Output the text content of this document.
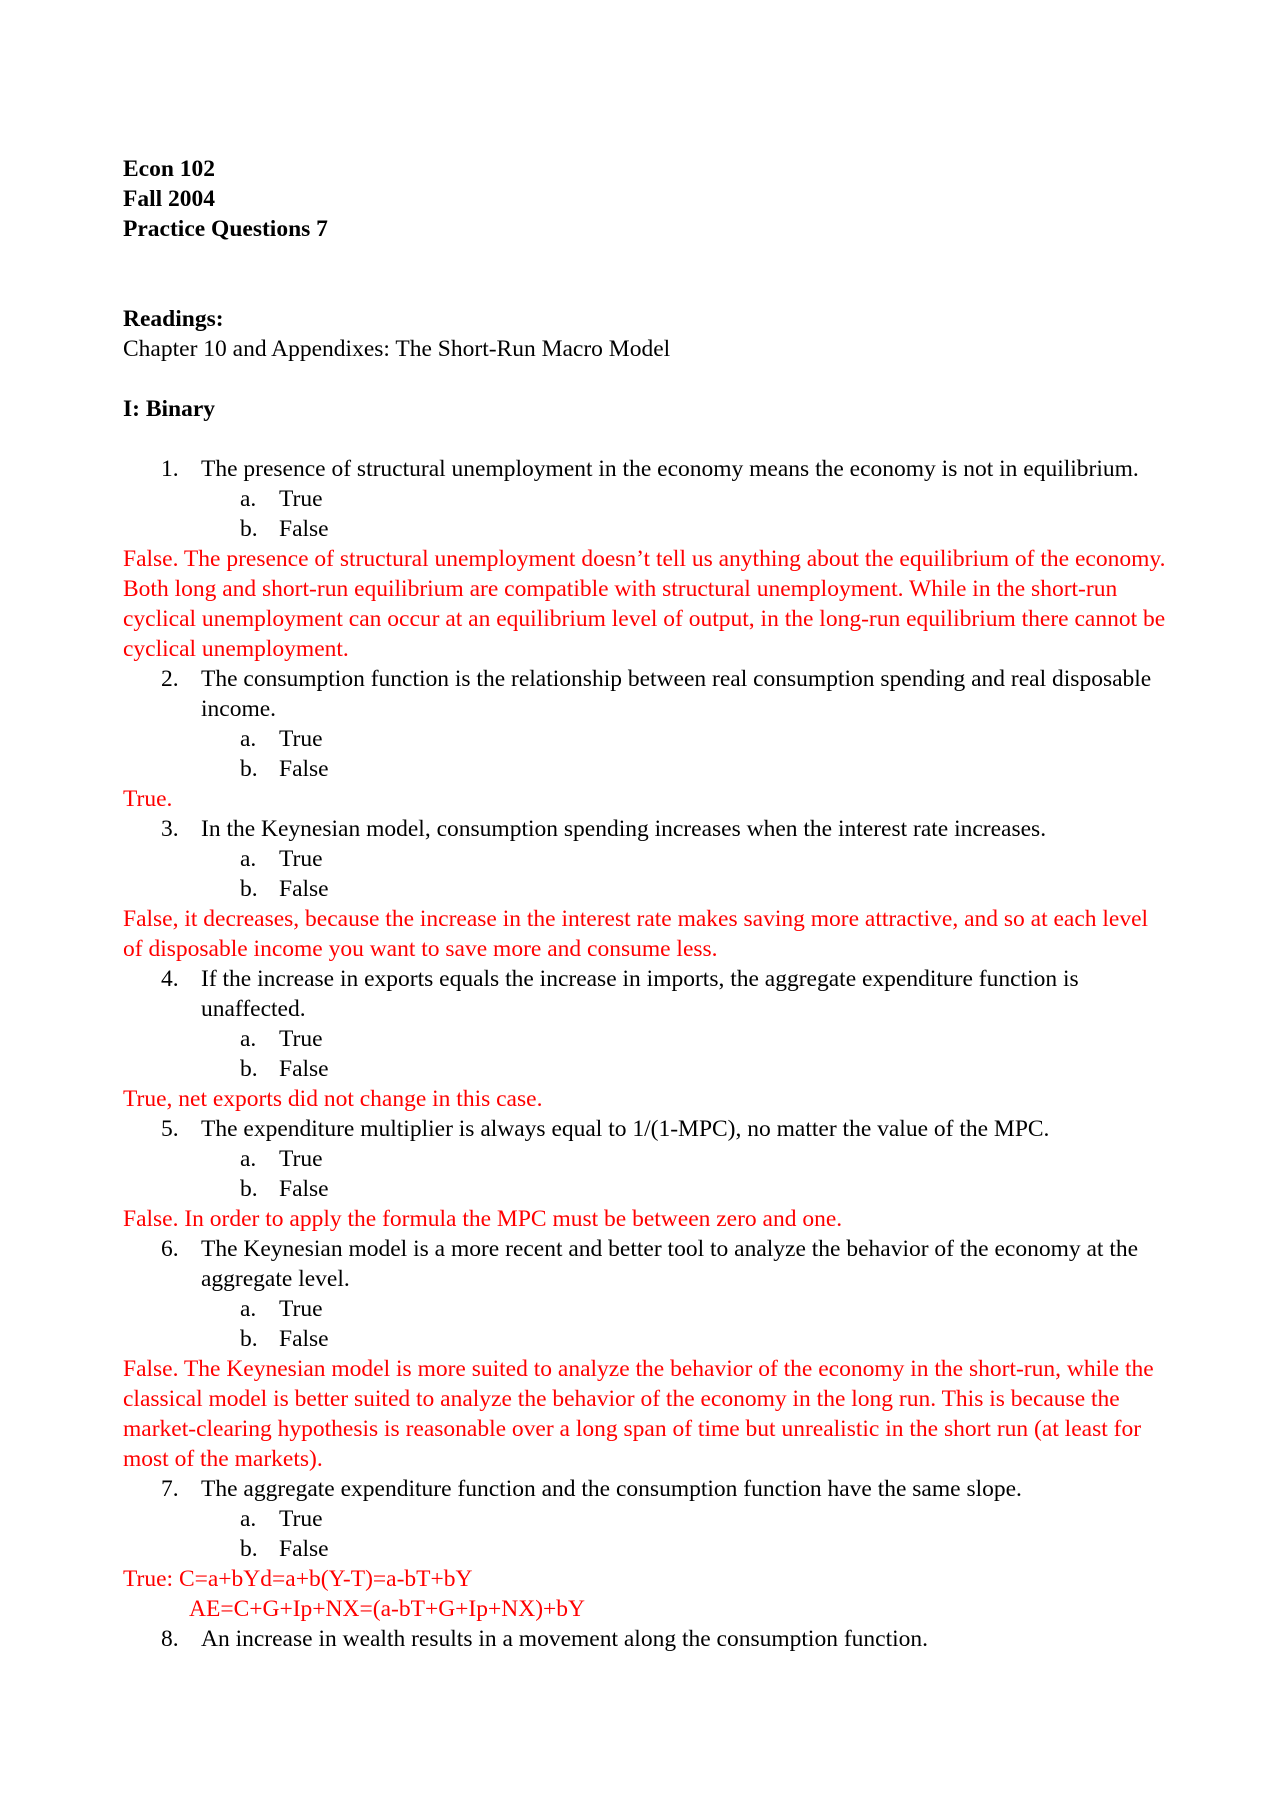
Econ 102

Fall 2004

Practice Questions 7

Readings:

Chapter 10 and Appendixes: The Short-Run Macro Model

I: Binary

1. The presence of structural unemployment in the economy means the economy is not in equilibrium.

a. True

b. False

False. The presence of structural unemployment doesn’t tell us anything about the equilibrium of the economy. Both long and short-run equilibrium are compatible with structural unemployment. While in the short-run cyclical unemployment can occur at an equilibrium level of output, in the long-run equilibrium there cannot be cyclical unemployment.

2. The consumption function is the relationship between real consumption spending and real disposable income.

a. True

b. False

True.

3. In the Keynesian model, consumption spending increases when the interest rate increases.

a. True

b. False

False, it decreases, because the increase in the interest rate makes saving more attractive, and so at each level of disposable income you want to save more and consume less.

4. If the increase in exports equals the increase in imports, the aggregate expenditure function is unaffected.

a. True

b. False

True, net exports did not change in this case.

5. The expenditure multiplier is always equal to 1/(1-MPC), no matter the value of the MPC.

a. True

b. False

False. In order to apply the formula the MPC must be between zero and one.

6. The Keynesian model is a more recent and better tool to analyze the behavior of the economy at the aggregate level.

a. True

b. False

False. The Keynesian model is more suited to analyze the behavior of the economy in the short-run, while the classical model is better suited to analyze the behavior of the economy in the long run. This is because the market-clearing hypothesis is reasonable over a long span of time but unrealistic in the short run (at least for most of the markets).

7. The aggregate expenditure function and the consumption function have the same slope.

a. True

b. False

True: C=a+bYd=a+b(Y-T)=a-bT+bY

AE=C+G+Ip+NX=(a-bT+G+Ip+NX)+bY

8. An increase in wealth results in a movement along the consumption function.
